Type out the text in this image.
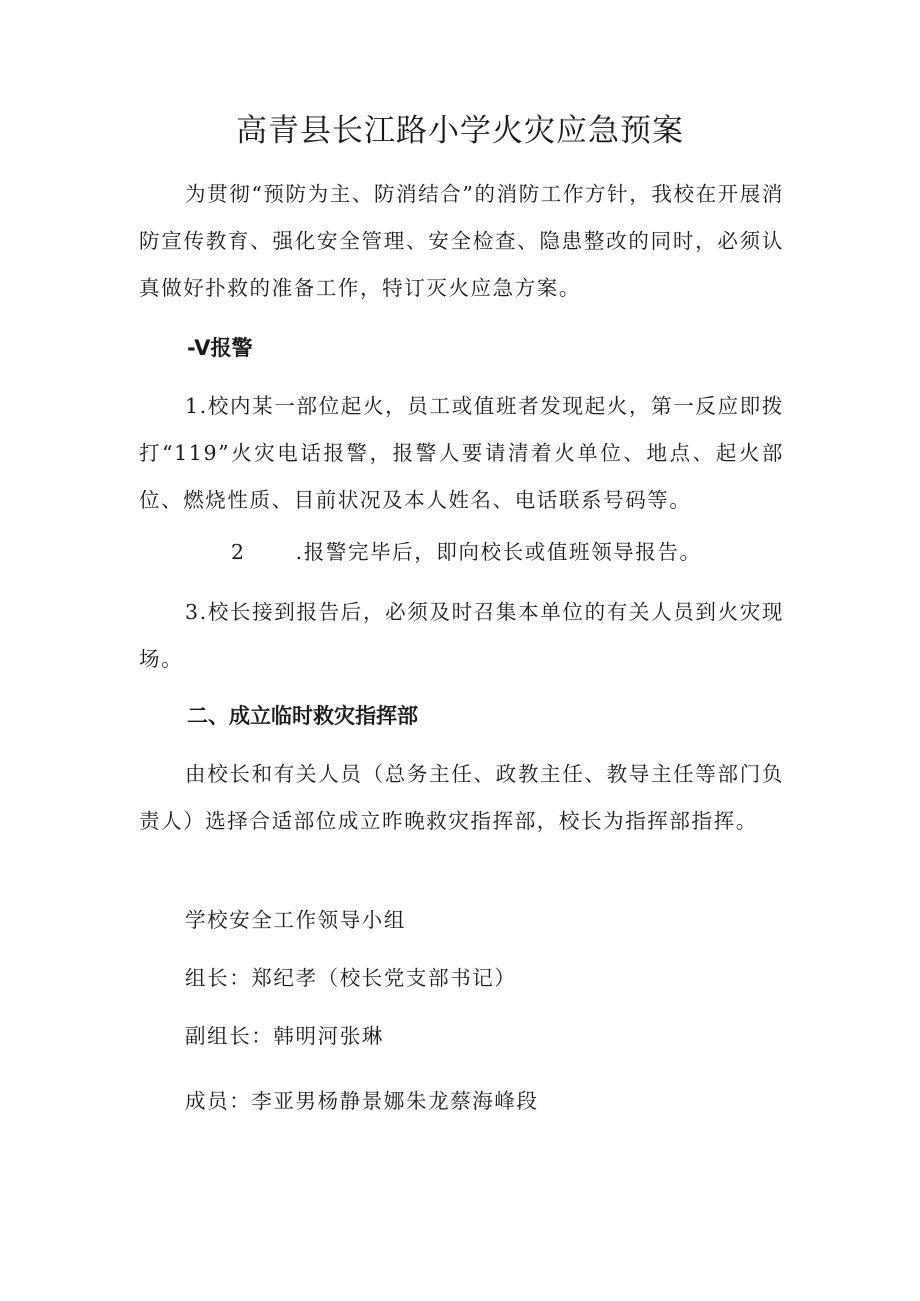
高青县长江路小学火灾应急预案

为贯彻“预防为主、防消结合”的消防工作方针，我校在开展消防宣传教育、强化安全管理、安全检查、隐患整改的同时，必须认真做好扑救的准备工作，特订灭火应急方案。

-V报警

1.校内某一部位起火，员工或值班者发现起火，第一反应即拨打“119”火灾电话报警，报警人要请清着火单位、地点、起火部位、燃烧性质、目前状况及本人姓名、电话联系号码等。

2 .报警完毕后，即向校长或值班领导报告。

3.校长接到报告后，必须及时召集本单位的有关人员到火灾现场。

二、成立临时救灾指挥部

由校长和有关人员（总务主任、政教主任、教导主任等部门负责人）选择合适部位成立昨晚救灾指挥部，校长为指挥部指挥。

学校安全工作领导小组

组长：郑纪孝（校长党支部书记）

副组长：韩明河张琳

成员：李亚男杨静景娜朱龙蔡海峰段
